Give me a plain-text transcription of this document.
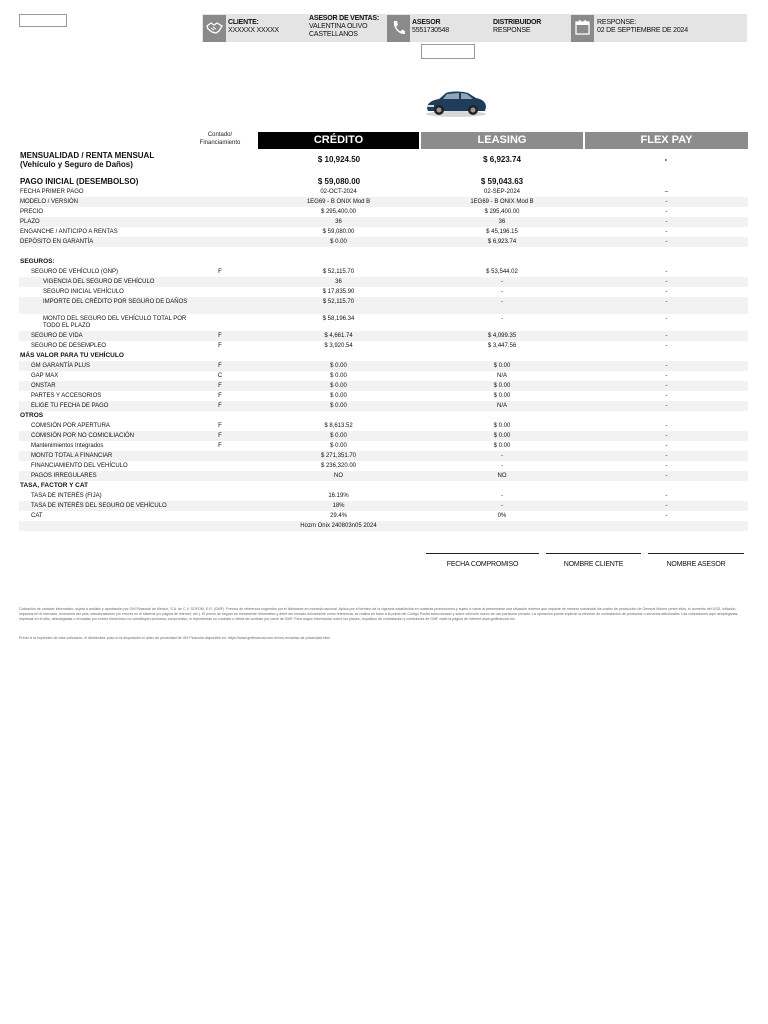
CLIENTE:
XXXXXX XXXXX
ASESOR DE VENTAS:
VALENTINA OLIVO CASTELLANOS
ASESOR
5551730548
DISTRIBUIDOR
RESPONSE
RESPONSE:
02 DE SEPTIEMBRE DE 2024
Contado/ Financiamiento	CRÉDITO	LEASING	FLEX PAY
MENSUALIDAD / RENTA MENSUAL (Vehículo y Seguro de Daños)
$ 10,924.50	$ 6,923.74	-
PAGO INICIAL (DESEMBOLSO)	$ 59,080.00	$ 59,043.63
FECHA PRIMER PAGO	02-OCT-2024	02-SEP-2024	–
MODELO / VERSIÓN	1EG69 - B ONIX Mod B	1EG69 - B ONIX Mod B	-
PRECIO	$ 295,400.00	$ 295,400.00	-
PLAZO	36	36	-
ENGANCHE / ANTICIPO A RENTAS	$ 59,080.00	$ 45,196.15	-
DEPÓSITO EN GARANTÍA	$ 0.00	$ 6,923.74	-
SEGUROS:
SEGURO DE VEHÍCULO (GNP)	F	$ 52,115.70	$ 53,544.02	-
VIGENCIA DEL SEGURO DE VEHÍCULO	36	-	-
SEGURO INICIAL VEHÍCULO	$ 17,835.90	-	-
IMPORTE DEL CRÉDITO POR SEGURO DE DAÑOS	$ 52,115.70	-	-
MONTO DEL SEGURO DEL VEHÍCULO TOTAL POR TODO EL PLAZO
$ 58,196.34	-	-
SEGURO DE VIDA	F	$ 4,661.74	$ 4,099.35	-
SEGURO DE DESEMPLEO	F	$ 3,920.54	$ 3,447.56	-
MÁS VALOR PARA TU VEHÍCULO
GM GARANTÍA PLUS	F	$ 0.00	$ 0.00	-
GAP MAX	C	$ 0.00	N/A	-
ONSTAR	F	$ 0.00	$ 0.00	-
PARTES Y ACCESORIOS	F	$ 0.00	$ 0.00	-
ELIGE TU FECHA DE PAGO	F	$ 0.00	N/A	-
OTROS
COMISIÓN POR APERTURA	F	$ 8,613.52	$ 0.00	-
COMISIÓN POR NO COMICILIACIÓN	F	$ 0.00	$ 0.00	-
Mantenimientos Integrados	F	$ 0.00	$ 0.00	-
MONTO TOTAL A FINANCIAR	$ 271,351.70	-	-
FINANCIAMIENTO DEL VEHÍCULO	$ 236,320.00	-	-
PAGOS IRREGULARES	NO	NO	-
TASA, FACTOR Y CAT
TASA DE INTERÉS (FIJA)	16.19%	-	-
TASA DE INTERÉS DEL SEGURO DE VEHÍCULO	18%	-	-
CAT	29.4%	0%	-
Hozm Onix 240803n05 2024
FECHA COMPROMISO	NOMBRE CLIENTE	NOMBRE ASESOR
Cotización de carácter informativo, sujeta a análisis y aprobación por GM Financial de México, S.A. de C.V. SOFOM, E.R. (GMF). Precios de referencia sugeridos por el fabricante en moneda nacional. Aplica por el término de la vigencia establecida en nuestras promociones y sujeto a variar al presentarse una situación externa que impacte de manera sustancial los costos de producción de General Motors (entre ellos, el aumento del USD, inflación, impactos en el mercado, economía del país, actualizaciones y/o errores en el sistema y/o página de internet, etc.). El precio de seguro es meramente informativo y debe ser tomado únicamente como referencia, se realiza en base a la prima del Código Postal seleccionado y sobre vehículo nuevo de uso particular privado. La operación puede implicar la elección de contratación de productos o servicios adicionales. Las cotizaciones aquí desplegadas, impresas en el sitio, descargadas o enviadas por correo electrónico no constituyen promesa, compromiso, ni representan un contrato u oferta de contrato por parte de GMF. Para mayor información sobre los planes, requisitos de contratación y comisiones de GMF visite la página de internet www.gmfinancial.mx.
Previo a la impresión de esta cotización, el distribuidor puso a mi disposición el aviso de privacidad de GM Financial disponible en: https://www.gmfinancial.com.mx/es-mx/aviso-de-privacidad.html
